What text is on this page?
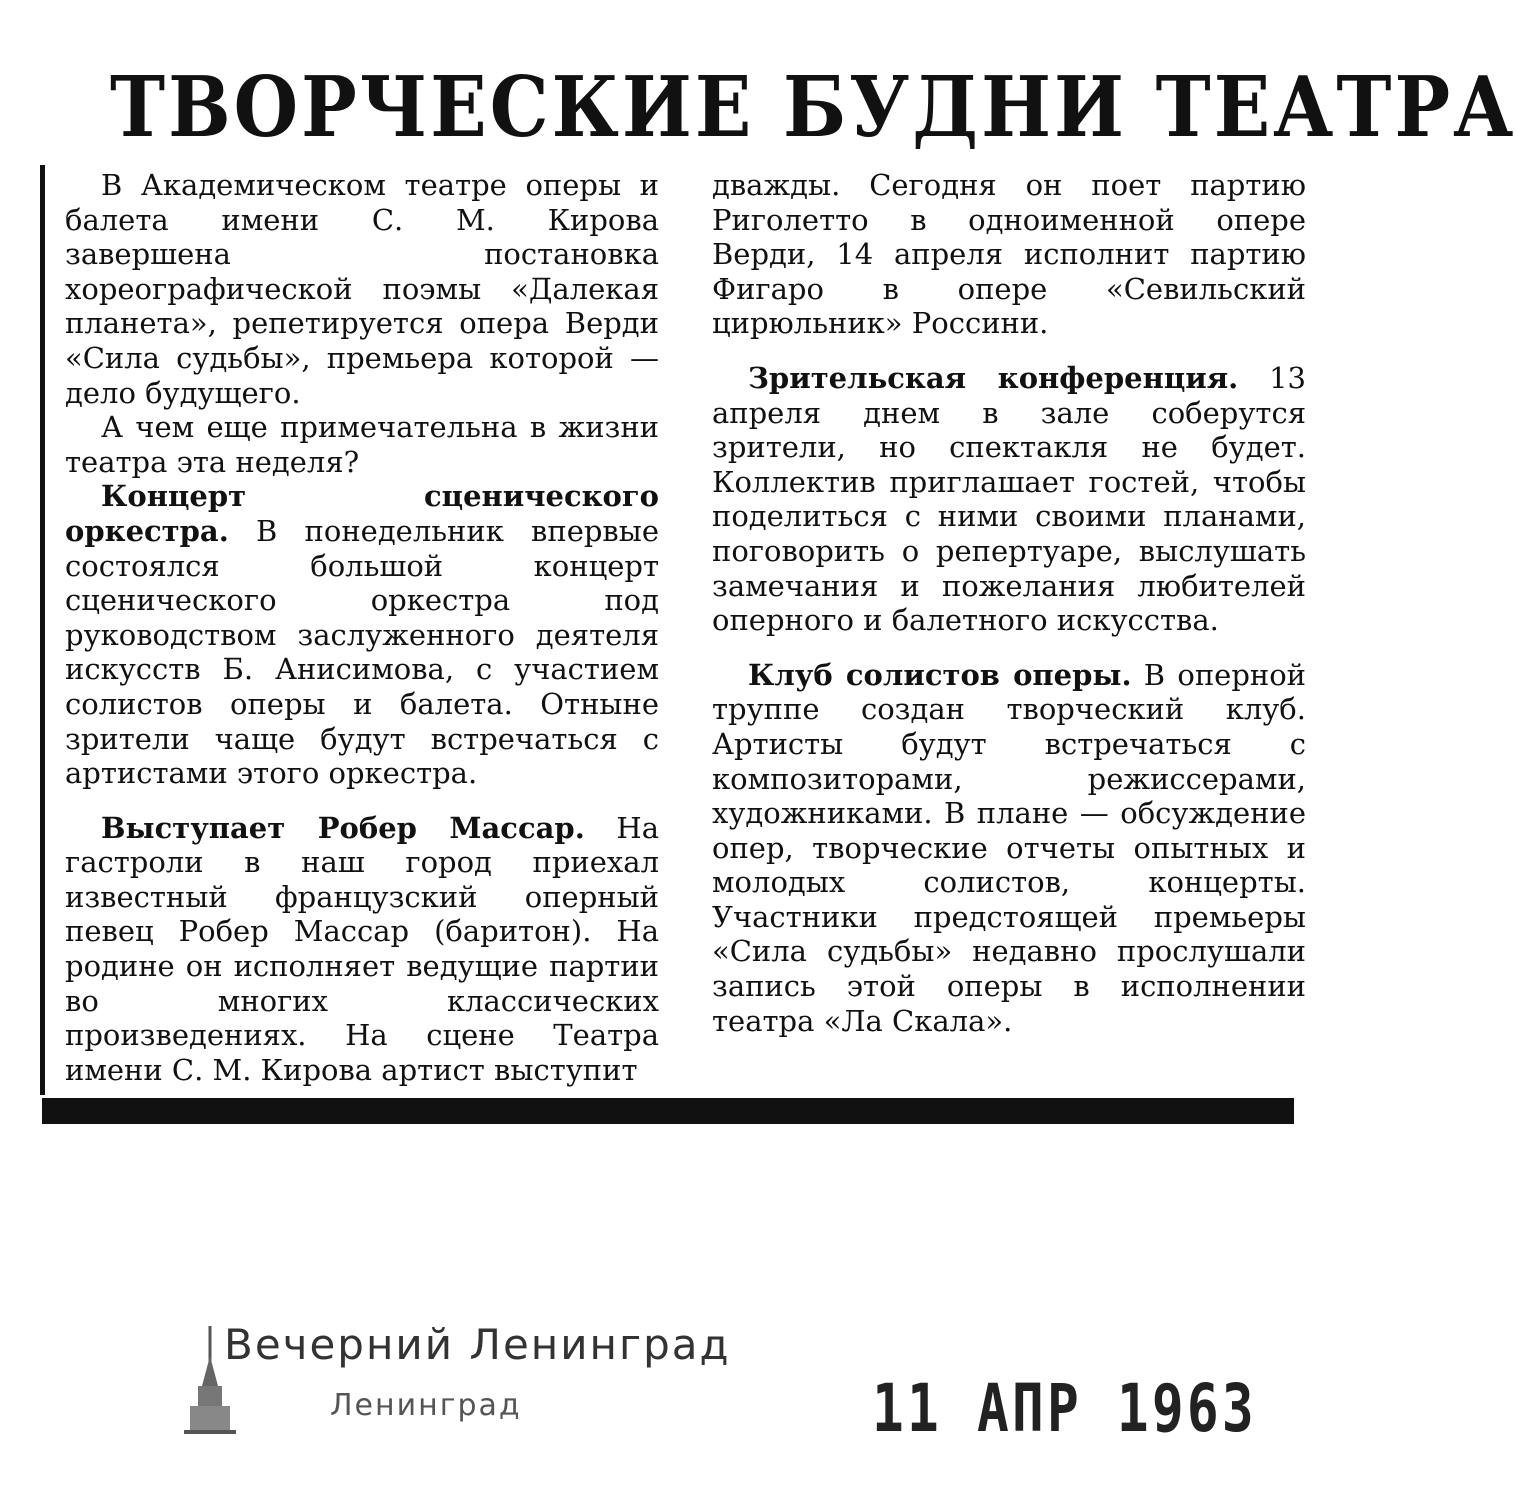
ТВОРЧЕСКИЕ БУДНИ ТЕАТРА

В Академическом театре оперы и балета имени С. М. Кирова завершена постановка хореографической поэмы «Далекая планета», репетируется опера Верди «Сила судьбы», премьера которой — дело будущего.

А чем еще примечательна в жизни театра эта неделя?

Концерт сценического оркестра. В понедельник впервые состоялся большой концерт сценического оркестра под руководством заслуженного деятеля искусств Б. Анисимова, с участием солистов оперы и балета. Отныне зрители чаще будут встречаться с артистами этого оркестра.

Выступает Робер Массар. На гастроли в наш город приехал известный французский оперный певец Робер Массар (баритон). На родине он исполняет ведущие партии во многих классических произведениях. На сцене Театра имени С. М. Кирова артист выступит

дважды. Сегодня он поет партию Риголетто в одноименной опере Верди, 14 апреля исполнит партию Фигаро в опере «Севильский цирюльник» Россини.

Зрительская конференция. 13 апреля днем в зале соберутся зрители, но спектакля не будет. Коллектив приглашает гостей, чтобы поделиться с ними своими планами, поговорить о репертуаре, выслушать замечания и пожелания любителей оперного и балетного искусства.

Клуб солистов оперы. В оперной труппе создан творческий клуб. Артисты будут встречаться с композиторами, режиссерами, художниками. В плане — обсуждение опер, творческие отчеты опытных и молодых солистов, концерты. Участники предстоящей премьеры «Сила судьбы» недавно прослушали запись этой оперы в исполнении театра «Ла Скала».

Вечерний Ленинград
Ленинград	11 АПР 1963
